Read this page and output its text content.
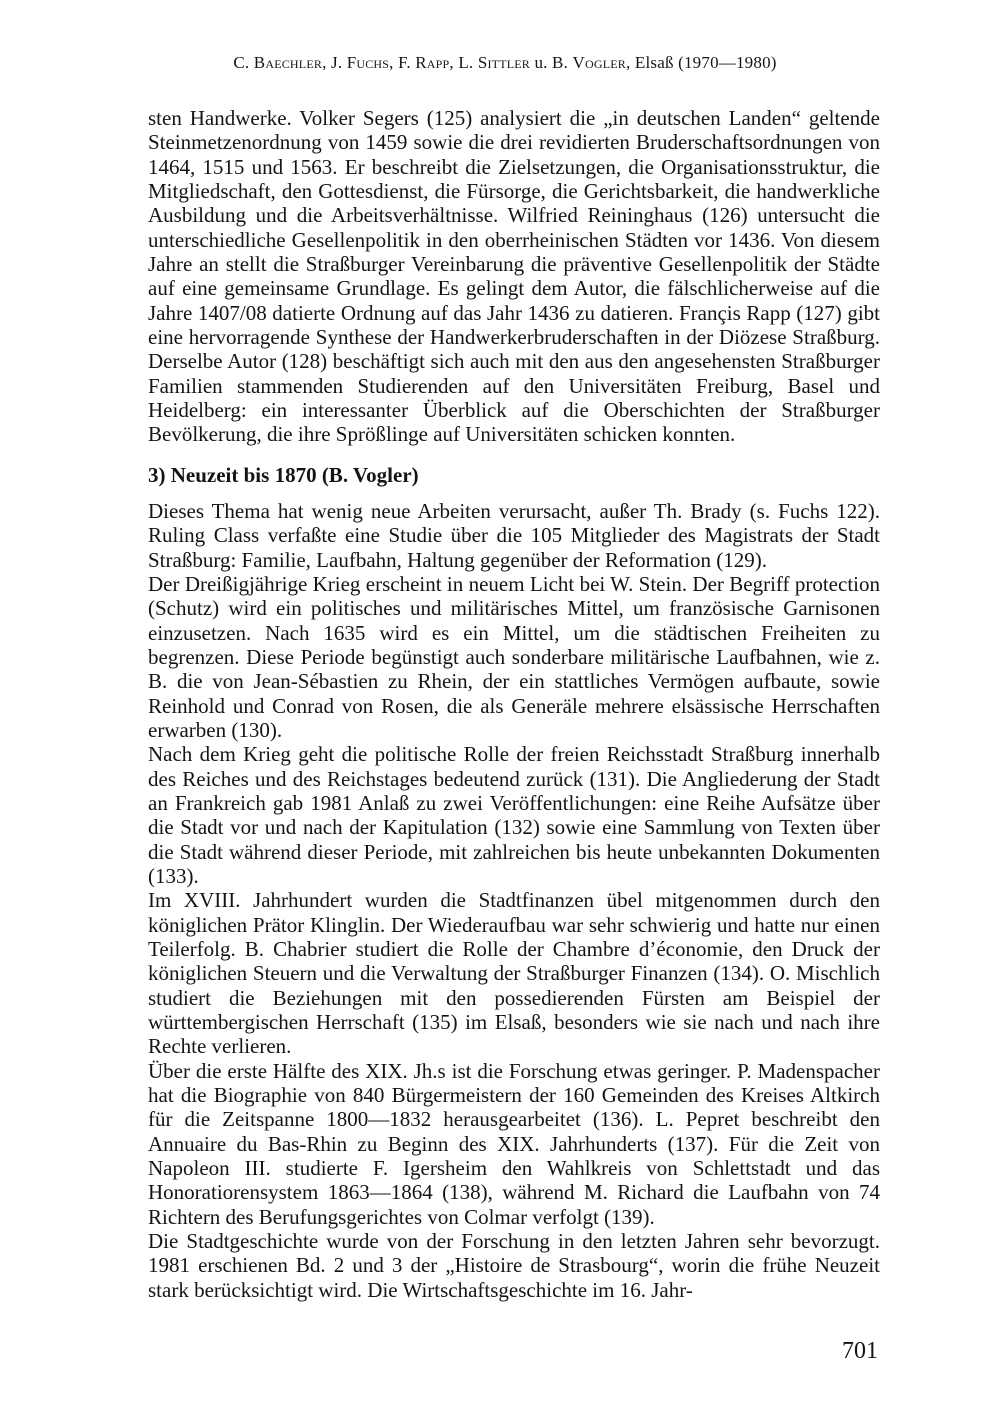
C. Baechler, J. Fuchs, F. Rapp, L. Sittler u. B. Vogler, Elsaß (1970—1980)

sten Handwerke. Volker Segers (125) analysiert die „in deutschen Landen“ geltende Steinmetzenordnung von 1459 sowie die drei revidierten Bruderschaftsordnungen von 1464, 1515 und 1563. Er beschreibt die Zielsetzungen, die Organisationsstruktur, die Mitgliedschaft, den Gottesdienst, die Fürsorge, die Gerichtsbarkeit, die handwerkliche Ausbildung und die Arbeitsverhältnisse. Wilfried Reininghaus (126) untersucht die unterschiedliche Gesellenpolitik in den oberrheinischen Städten vor 1436. Von diesem Jahre an stellt die Straßburger Vereinbarung die präventive Gesellenpolitik der Städte auf eine gemeinsame Grundlage. Es gelingt dem Autor, die fälschlicherweise auf die Jahre 1407/08 datierte Ordnung auf das Jahr 1436 zu datieren. Françis Rapp (127) gibt eine hervorragende Synthese der Handwerkerbruderschaften in der Diözese Straßburg. Derselbe Autor (128) beschäftigt sich auch mit den aus den angesehensten Straßburger Familien stammenden Studierenden auf den Universitäten Freiburg, Basel und Heidelberg: ein interessanter Überblick auf die Oberschichten der Straßburger Bevölkerung, die ihre Sprößlinge auf Universitäten schicken konnten.

3) Neuzeit bis 1870 (B. Vogler)

Dieses Thema hat wenig neue Arbeiten verursacht, außer Th. Brady (s. Fuchs 122). Ruling Class verfaßte eine Studie über die 105 Mitglieder des Magistrats der Stadt Straßburg: Familie, Laufbahn, Haltung gegenüber der Reformation (129).

Der Dreißigjährige Krieg erscheint in neuem Licht bei W. Stein. Der Begriff protection (Schutz) wird ein politisches und militärisches Mittel, um französische Garnisonen einzusetzen. Nach 1635 wird es ein Mittel, um die städtischen Freiheiten zu begrenzen. Diese Periode begünstigt auch sonderbare militärische Laufbahnen, wie z. B. die von Jean-Sébastien zu Rhein, der ein stattliches Vermögen aufbaute, sowie Reinhold und Conrad von Rosen, die als Generäle mehrere elsässische Herrschaften erwarben (130).

Nach dem Krieg geht die politische Rolle der freien Reichsstadt Straßburg innerhalb des Reiches und des Reichstages bedeutend zurück (131). Die Angliederung der Stadt an Frankreich gab 1981 Anlaß zu zwei Veröffentlichungen: eine Reihe Aufsätze über die Stadt vor und nach der Kapitulation (132) sowie eine Sammlung von Texten über die Stadt während dieser Periode, mit zahlreichen bis heute unbekannten Dokumenten (133).

Im XVIII. Jahrhundert wurden die Stadtfinanzen übel mitgenommen durch den königlichen Prätor Klinglin. Der Wiederaufbau war sehr schwierig und hatte nur einen Teilerfolg. B. Chabrier studiert die Rolle der Chambre d’économie, den Druck der königlichen Steuern und die Verwaltung der Straßburger Finanzen (134). O. Mischlich studiert die Beziehungen mit den possedierenden Fürsten am Beispiel der württembergischen Herrschaft (135) im Elsaß, besonders wie sie nach und nach ihre Rechte verlieren.

Über die erste Hälfte des XIX. Jh.s ist die Forschung etwas geringer. P. Madenspacher hat die Biographie von 840 Bürgermeistern der 160 Gemeinden des Kreises Altkirch für die Zeitspanne 1800—1832 herausgearbeitet (136). L. Pepret beschreibt den Annuaire du Bas-Rhin zu Beginn des XIX. Jahrhunderts (137). Für die Zeit von Napoleon III. studierte F. Igersheim den Wahlkreis von Schlettstadt und das Honoratiorensystem 1863—1864 (138), während M. Richard die Laufbahn von 74 Richtern des Berufungsgerichtes von Colmar verfolgt (139).

Die Stadtgeschichte wurde von der Forschung in den letzten Jahren sehr bevorzugt. 1981 erschienen Bd. 2 und 3 der „Histoire de Strasbourg“, worin die frühe Neuzeit stark berücksichtigt wird. Die Wirtschaftsgeschichte im 16. Jahr-

701
